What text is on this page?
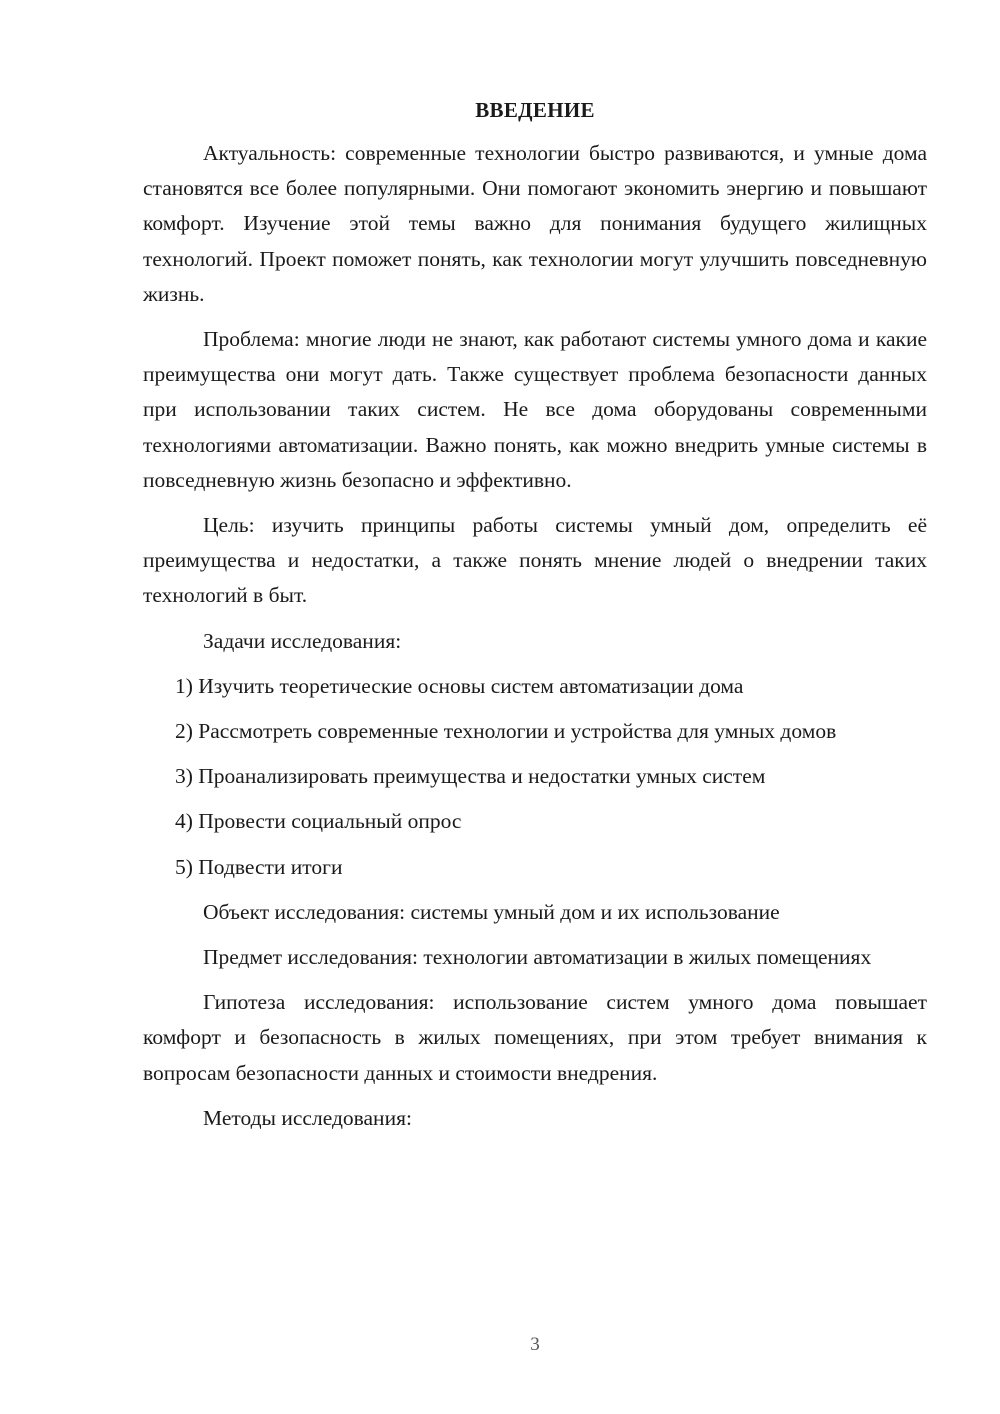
ВВЕДЕНИЕ

Актуальность: современные технологии быстро развиваются, и умные дома становятся все более популярными. Они помогают экономить энергию и повышают комфорт. Изучение этой темы важно для понимания будущего жилищных технологий. Проект поможет понять, как технологии могут улучшить повседневную жизнь.

Проблема: многие люди не знают, как работают системы умного дома и какие преимущества они могут дать. Также существует проблема безопасности данных при использовании таких систем. Не все дома оборудованы современными технологиями автоматизации. Важно понять, как можно внедрить умные системы в повседневную жизнь безопасно и эффективно.

Цель: изучить принципы работы системы умный дом, определить её преимущества и недостатки, а также понять мнение людей о внедрении таких технологий в быт.

Задачи исследования:

1) Изучить теоретические основы систем автоматизации дома

2) Рассмотреть современные технологии и устройства для умных домов

3) Проанализировать преимущества и недостатки умных систем

4) Провести социальный опрос

5) Подвести итоги

Объект исследования: системы умный дом и их использование

Предмет исследования: технологии автоматизации в жилых помещениях

Гипотеза исследования: использование систем умного дома повышает комфорт и безопасность в жилых помещениях, при этом требует внимания к вопросам безопасности данных и стоимости внедрения.

Методы исследования:

3
